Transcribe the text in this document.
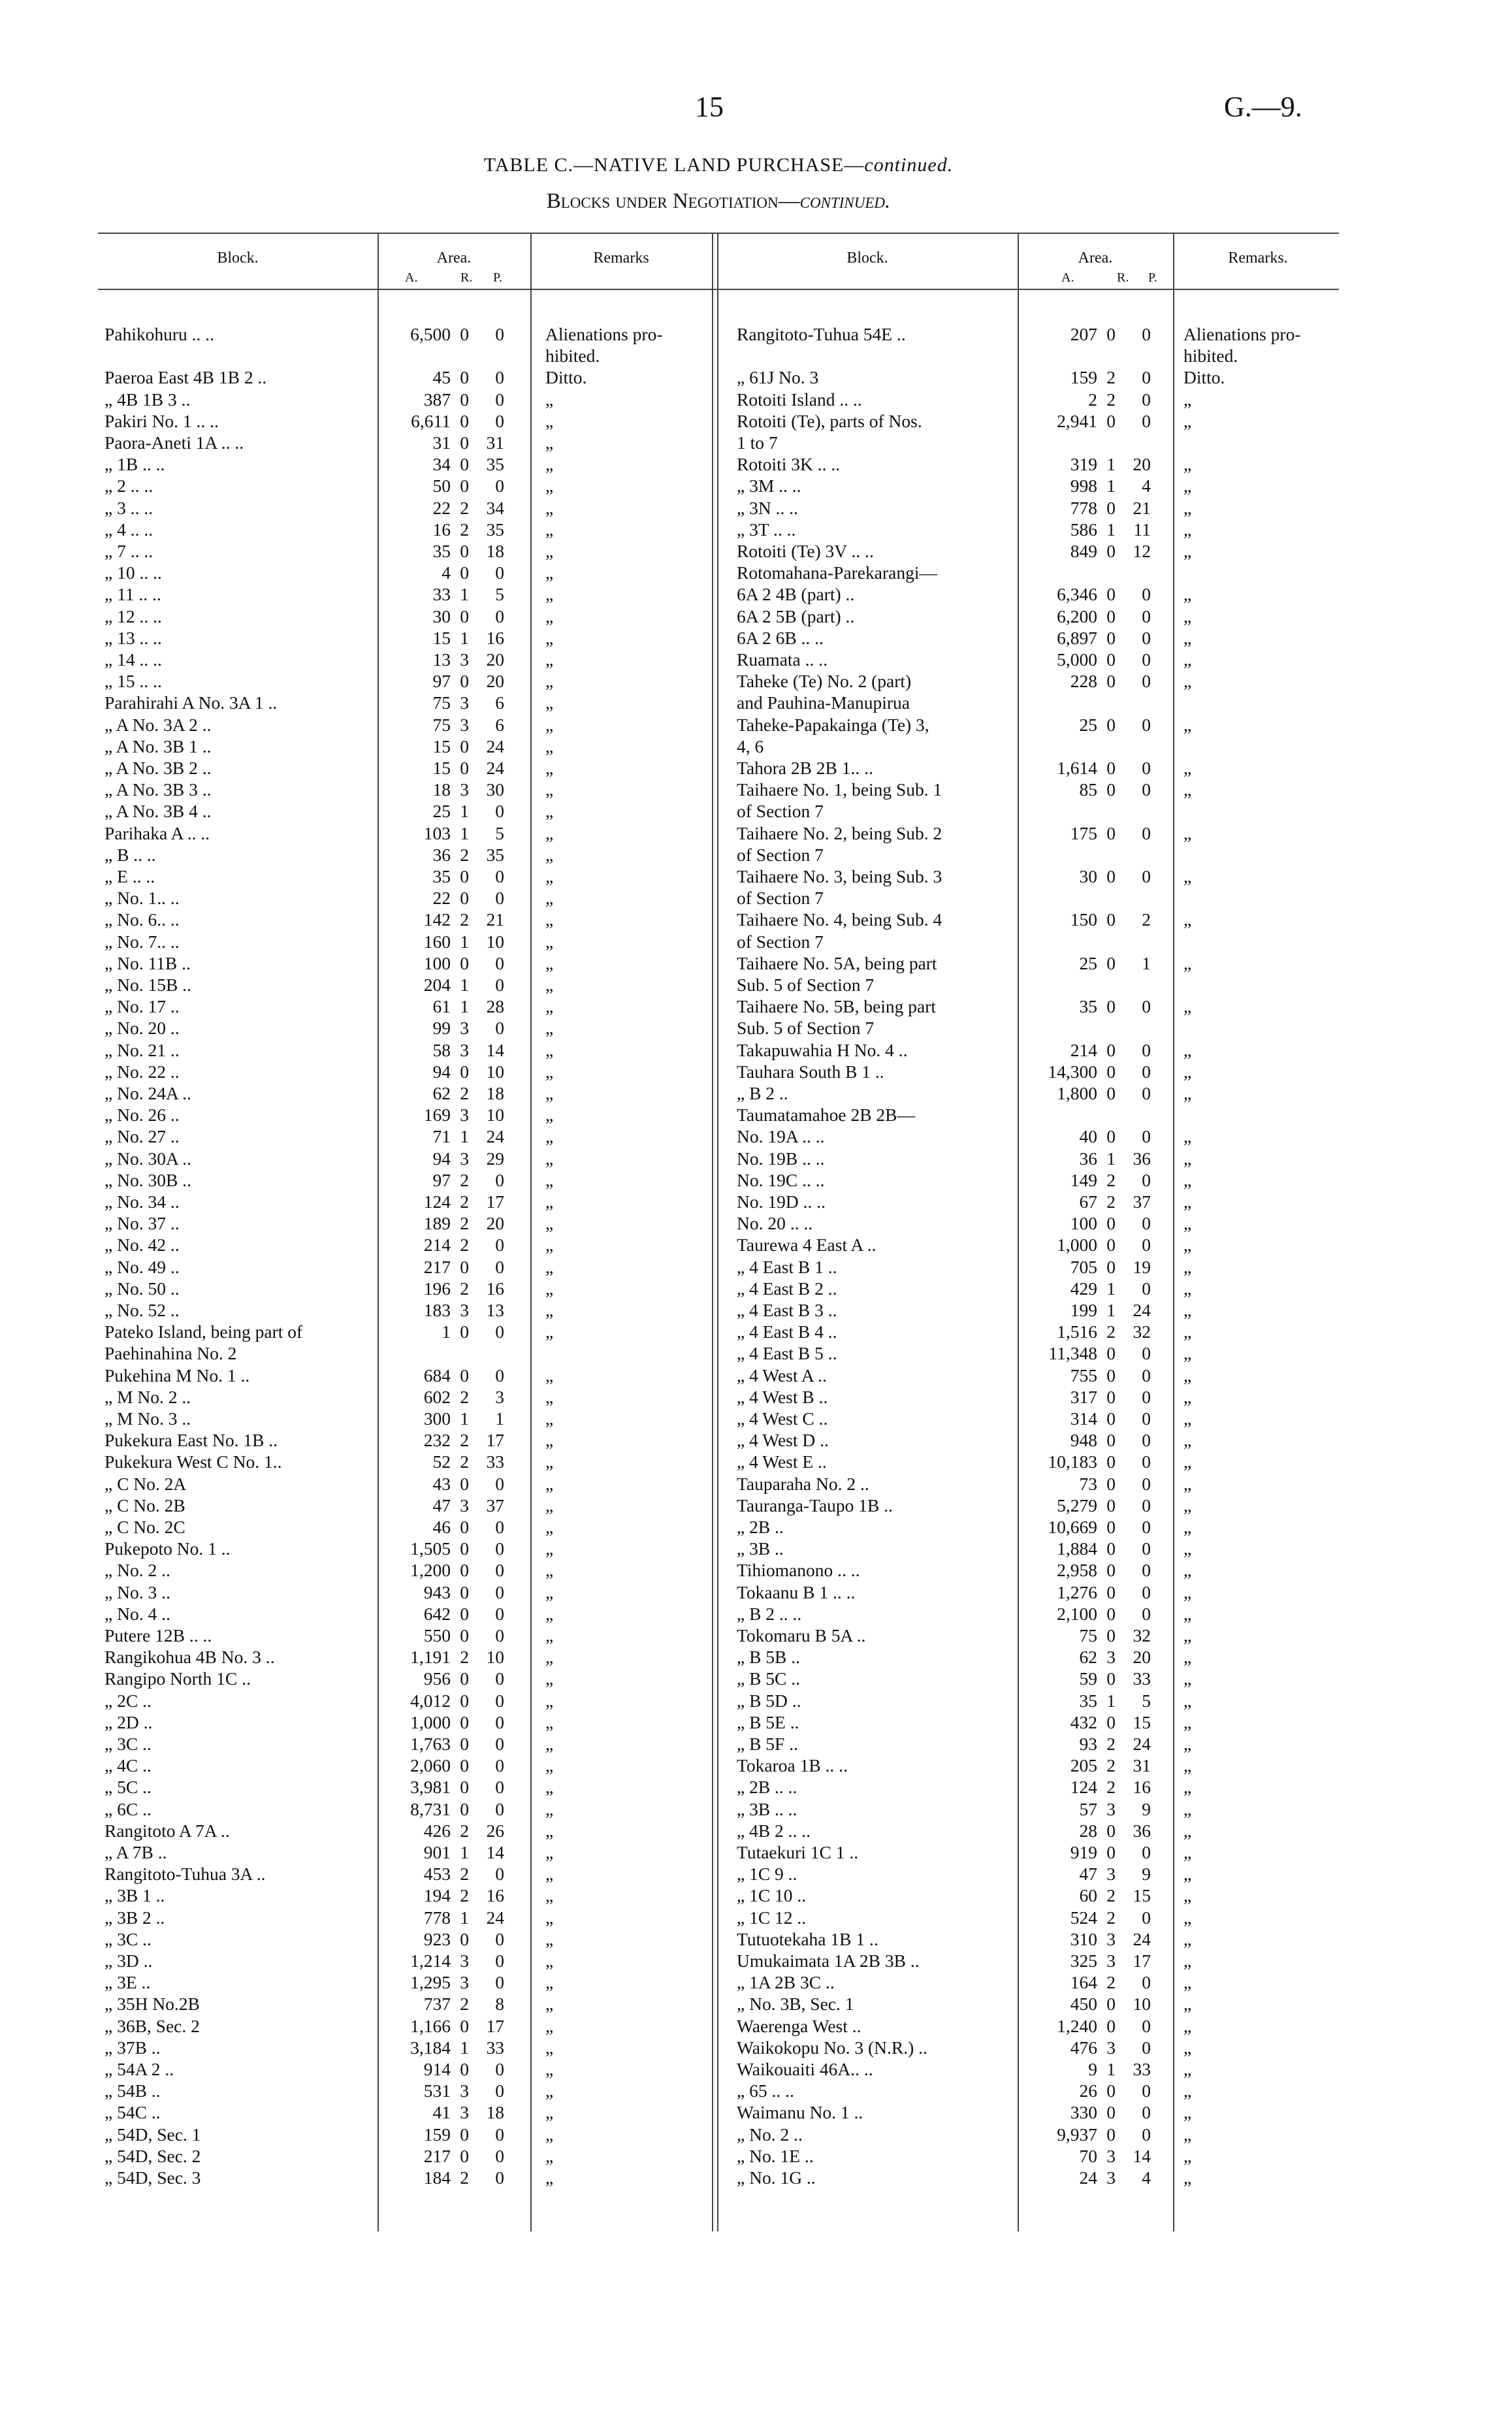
15	G.—9.
TABLE C.—NATIVE LAND PURCHASE—continued.
Blocks under Negotiation—continued.
Block.	Area.	Remarks	Block.	Area.	Remarks.
A.	R. P.	A.	R. P.
Pahikohuru .. ..	6,500 0	0 Alienations pro-
hibited.
Paeroa East 4B 1B 2 ..	45 0	0 Ditto.
„ 4B 1B 3 ..	387 0	0 „
Pakiri No. 1 .. ..	6,611 0	0 „
Paora-Aneti 1A .. ..	31 0 31 „
„ 1B .. ..	34 0 35 „
„ 2 .. ..	50 0	0 „
„ 3 .. ..	22 2 34 „
„ 4 .. ..	16 2 35 „
„ 7 .. ..	35 0 18 „
„ 10 .. ..	4 0	0 „
„ 11 .. ..	33 1	5 „
„ 12 .. ..	30 0	0 „
„ 13 .. ..	15 1 16 „
„ 14 .. ..	13 3 20 „
„ 15 .. ..	97 0 20 „
Parahirahi A No. 3A 1 ..	75 3	6 „
„ A No. 3A 2 ..	75 3	6 „
„ A No. 3B 1 ..	15 0 24 „
„ A No. 3B 2 ..	15 0 24 „
„ A No. 3B 3 ..	18 3 30 „
„ A No. 3B 4 ..	25 1	0 „
Parihaka A .. ..	103 1	5 „
„ B .. ..	36 2 35 „
„ E .. ..	35 0	0 „
„ No. 1.. ..	22 0	0 „
„ No. 6.. ..	142 2 21 „
„ No. 7.. ..	160 1 10 „
„ No. 11B ..	100 0	0 „
„ No. 15B ..	204 1	0 „
„ No. 17 ..	61 1 28 „
„ No. 20 ..	99 3	0 „
„ No. 21 ..	58 3 14 „
„ No. 22 ..	94 0 10 „
„ No. 24A ..	62 2 18 „
„ No. 26 ..	169 3 10 „
„ No. 27 ..	71 1 24 „
„ No. 30A ..	94 3 29 „
„ No. 30B ..	97 2	0 „
„ No. 34 ..	124 2 17 „
„ No. 37 ..	189 2 20 „
„ No. 42 ..	214 2	0 „
„ No. 49 ..	217 0	0 „
„ No. 50 ..	196 2 16 „
„ No. 52 ..	183 3 13 „
Pateko Island, being part of	1 0	0 „
Paehinahina No. 2
Pukehina M No. 1 ..	684 0	0 „
„ M No. 2 ..	602 2	3 „
„ M No. 3 ..	300 1	1 „
Pukekura East No. 1B ..	232 2 17 „
Pukekura West C No. 1..	52 2 33 „
„ C No. 2A	43 0	0 „
„ C No. 2B	47 3 37 „
„ C No. 2C	46 0	0 „
Pukepoto No. 1 ..	1,505 0	0 „
„ No. 2 ..	1,200 0	0 „
„ No. 3 ..	943 0	0 „
„ No. 4 ..	642 0	0 „
Putere 12B .. ..	550 0	0 „
Rangikohua 4B No. 3 ..	1,191 2 10 „
Rangipo North 1C ..	956 0	0 „
„ 2C ..	4,012 0	0 „
„ 2D ..	1,000 0	0 „
„ 3C ..	1,763 0	0 „
„ 4C ..	2,060 0	0 „
„ 5C ..	3,981 0	0 „
„ 6C ..	8,731 0	0 „
Rangitoto A 7A ..	426 2 26 „
„ A 7B ..	901 1 14 „
Rangitoto-Tuhua 3A ..	453 2	0 „
„ 3B 1 ..	194 2 16 „
„ 3B 2 ..	778 1 24 „
„ 3C ..	923 0	0 „
„ 3D ..	1,214 3	0 „
„ 3E ..	1,295 3	0 „
„ 35H No.2B	737 2	8 „
„ 36B, Sec. 2	1,166 0 17 „
„ 37B ..	3,184 1 33 „
„ 54A 2 ..	914 0	0 „
„ 54B ..	531 3	0 „
„ 54C ..	41 3 18 „
„ 54D, Sec. 1	159 0	0 „
„ 54D, Sec. 2	217 0	0 „
„ 54D, Sec. 3	184 2	0 „
Rangitoto-Tuhua 54E ..	207 0	0 Alienations pro-
hibited.
„ 61J No. 3	159 2	0 Ditto.
Rotoiti Island .. ..	2 2	0 „
Rotoiti (Te), parts of Nos.	2,941 0	0 „
1 to 7
Rotoiti 3K .. ..	319 1 20 „
„ 3M .. ..	998 1	4 „
„ 3N .. ..	778 0 21 „
„ 3T .. ..	586 1	11 „
Rotoiti (Te) 3V .. ..	849 0 12 „
Rotomahana-Parekarangi—
6A 2 4B (part) ..	6,346 0	0 „
6A 2 5B (part) ..	6,200 0	0 „
6A 2 6B .. ..	6,897 0	0 „
Ruamata .. ..	5,000 0	0 „
Taheke (Te) No. 2 (part)	228 0	0 „
and Pauhina-Manupirua
Taheke-Papakainga (Te) 3,	25 0	0 „
4, 6
Tahora 2B 2B 1.. ..	1,614 0	0 „
Taihaere No. 1, being Sub. 1	85 0	0 „
of Section 7
Taihaere No. 2, being Sub. 2	175 0	0 „
of Section 7
Taihaere No. 3, being Sub. 3	30 0	0 „
of Section 7
Taihaere No. 4, being Sub. 4	150 0	2 „
of Section 7
Taihaere No. 5A, being part	25 0	1 „
Sub. 5 of Section 7
Taihaere No. 5B, being part	35 0	0 „
Sub. 5 of Section 7
Takapuwahia H No. 4 ..	214 0	0 „
Tauhara South B 1 ..	14,300 0	0 „
„ B 2 ..	1,800 0	0 „
Taumatamahoe 2B 2B—
No. 19A .. ..	40 0	0 „
No. 19B .. ..	36 1 36 „
No. 19C .. ..	149 2	0 „
No. 19D .. ..	67 2 37 „
No. 20 .. ..	100 0	0 „
Taurewa 4 East A ..	1,000 0	0 „
„ 4 East B 1 ..	705 0 19 „
„ 4 East B 2 ..	429 1	0 „
„ 4 East B 3 ..	199 1 24 „
„ 4 East B 4 ..	1,516 2 32 „
„ 4 East B 5 ..	11,348 0	0 „
„ 4 West A ..	755 0	0 „
„ 4 West B ..	317 0	0 „
„ 4 West C ..	314 0	0 „
„ 4 West D ..	948 0	0 „
„ 4 West E ..	10,183 0	0 „
Tauparaha No. 2 ..	73 0	0 „
Tauranga-Taupo 1B ..	5,279 0	0 „
„ 2B ..	10,669 0	0 „
„ 3B ..	1,884 0	0 „
Tihiomanono .. ..	2,958 0	0 „
Tokaanu B 1 .. ..	1,276 0	0 „
„ B 2 .. ..	2,100 0	0 „
Tokomaru B 5A ..	75 0 32 „
„ B 5B ..	62 3 20 „
„ B 5C ..	59 0 33 „
„ B 5D ..	35 1	5 „
„ B 5E ..	432 0 15 „
„ B 5F ..	93 2 24 „
Tokaroa 1B .. ..	205 2 31 „
„ 2B .. ..	124 2 16 „
„ 3B .. ..	57 3	9 „
„ 4B 2 .. ..	28 0 36 „
Tutaekuri 1C 1 ..	919 0	0 „
„ 1C 9 ..	47 3	9 „
„ 1C 10 ..	60 2 15 „
„ 1C 12 ..	524 2	0 „
Tutuotekaha 1B 1 ..	310 3 24 „
Umukaimata 1A 2B 3B ..	325 3 17 „
„ 1A 2B 3C ..	164 2	0 „
„ No. 3B, Sec. 1	450 0 10 „
Waerenga West ..	1,240 0	0 „
Waikokopu No. 3 (N.R.) ..	476 3	0 „
Waikouaiti 46A.. ..	9 1 33 „
„ 65 .. ..	26 0	0 „
Waimanu No. 1 ..	330 0	0 „
„ No. 2 ..	9,937 0	0 „
„ No. 1E ..	70 3 14 „
„ No. 1G ..	24 3	4 „
